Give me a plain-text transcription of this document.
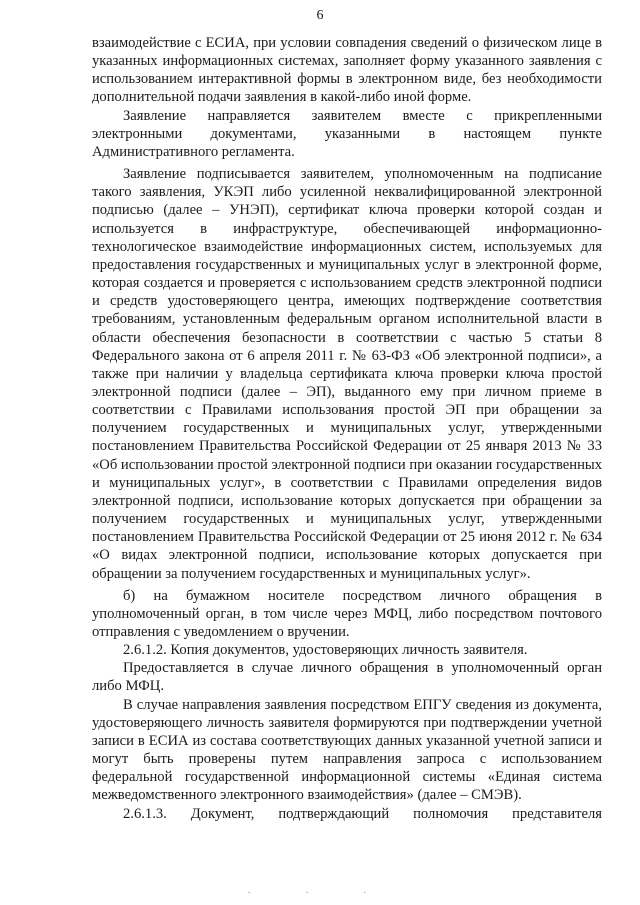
6

взаимодействие с ЕСИА, при условии совпадения сведений о физическом лице в указанных информационных системах, заполняет форму указанного заявления с использованием интерактивной формы в электронном виде, без необходимости дополнительной подачи заявления в какой-либо иной форме.

Заявление направляется заявителем вместе с прикрепленными электронными документами, указанными в настоящем пункте Административного регламента.

Заявление подписывается заявителем, уполномоченным на подписание такого заявления, УКЭП либо усиленной неквалифицированной электронной подписью (далее – УНЭП), сертификат ключа проверки которой создан и используется в инфраструктуре, обеспечивающей информационно-технологическое взаимодействие информационных систем, используемых для предоставления государственных и муниципальных услуг в электронной форме, которая создается и проверяется с использованием средств электронной подписи и средств удостоверяющего центра, имеющих подтверждение соответствия требованиям, установленным федеральным органом исполнительной власти в области обеспечения безопасности в соответствии с частью 5 статьи 8 Федерального закона от 6 апреля 2011 г. № 63-ФЗ «Об электронной подписи», а также при наличии у владельца сертификата ключа проверки ключа простой электронной подписи (далее – ЭП), выданного ему при личном приеме в соответствии с Правилами использования простой ЭП при обращении за получением государственных и муниципальных услуг, утвержденными постановлением Правительства Российской Федерации от 25 января 2013 № 33 «Об использовании простой электронной подписи при оказании государственных и муниципальных услуг», в соответствии с Правилами определения видов электронной подписи, использование которых допускается при обращении за получением государственных и муниципальных услуг, утвержденными постановлением Правительства Российской Федерации от 25 июня 2012 г. № 634 «О видах электронной подписи, использование которых допускается при обращении за получением государственных и муниципальных услуг».

б) на бумажном носителе посредством личного обращения в уполномоченный орган, в том числе через МФЦ, либо посредством почтового отправления с уведомлением о вручении.

2.6.1.2. Копия документов, удостоверяющих личность заявителя.

Предоставляется в случае личного обращения в уполномоченный орган либо МФЦ.

В случае направления заявления посредством ЕПГУ сведения из документа, удостоверяющего личность заявителя формируются при подтверждении учетной записи в ЕСИА из состава соответствующих данных указанной учетной записи и могут быть проверены путем направления запроса с использованием федеральной государственной информационной системы «Единая система межведомственного электронного взаимодействия» (далее – СМЭВ).

2.6.1.3. Документ, подтверждающий полномочия представителя

· · ·
